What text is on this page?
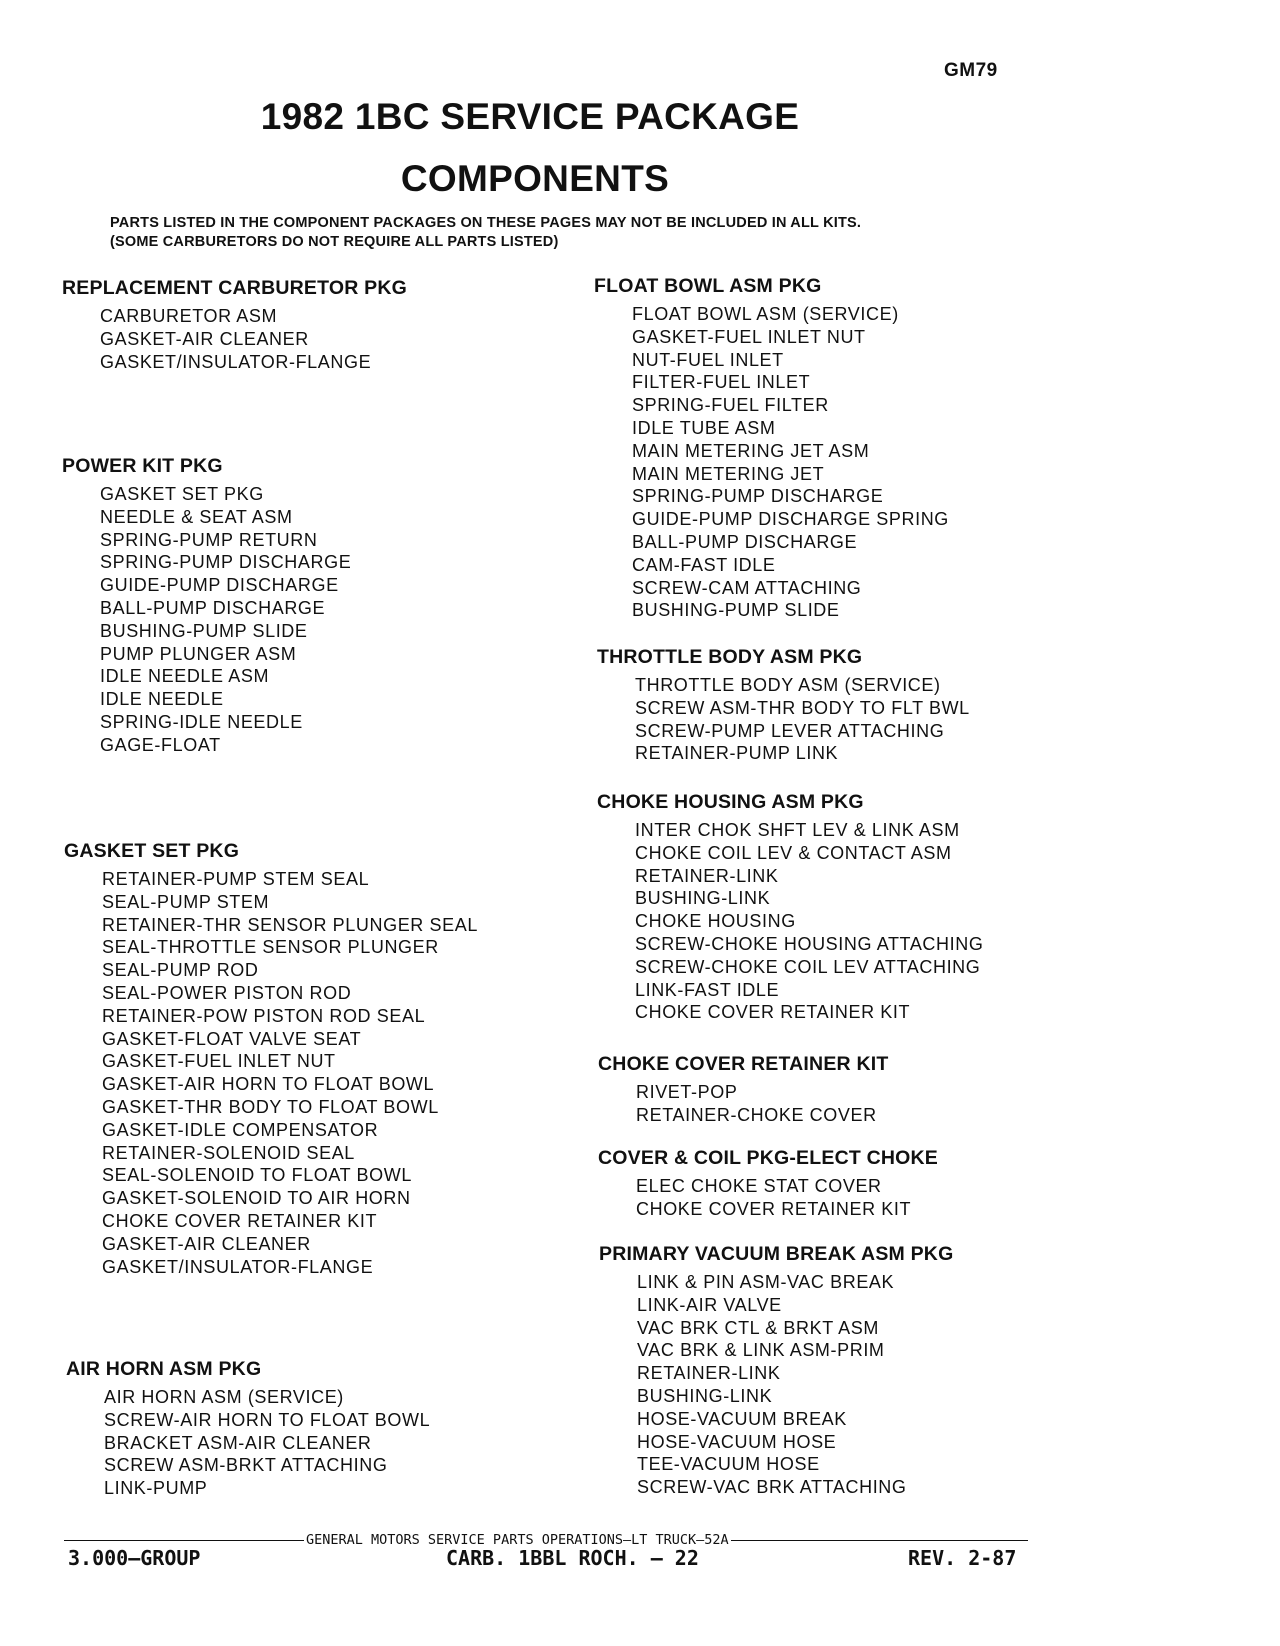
GM79
1982 1BC SERVICE PACKAGE
COMPONENTS
PARTS LISTED IN THE COMPONENT PACKAGES ON THESE PAGES MAY NOT BE INCLUDED IN ALL KITS.
(SOME CARBURETORS DO NOT REQUIRE ALL PARTS LISTED)
REPLACEMENT CARBURETOR PKG
CARBURETOR ASM
GASKET-AIR CLEANER
GASKET/INSULATOR-FLANGE
POWER KIT PKG
GASKET SET PKG
NEEDLE & SEAT ASM
SPRING-PUMP RETURN
SPRING-PUMP DISCHARGE
GUIDE-PUMP DISCHARGE
BALL-PUMP DISCHARGE
BUSHING-PUMP SLIDE
PUMP PLUNGER ASM
IDLE NEEDLE ASM
IDLE NEEDLE
SPRING-IDLE NEEDLE
GAGE-FLOAT
GASKET SET PKG
RETAINER-PUMP STEM SEAL
SEAL-PUMP STEM
RETAINER-THR SENSOR PLUNGER SEAL
SEAL-THROTTLE SENSOR PLUNGER
SEAL-PUMP ROD
SEAL-POWER PISTON ROD
RETAINER-POW PISTON ROD SEAL
GASKET-FLOAT VALVE SEAT
GASKET-FUEL INLET NUT
GASKET-AIR HORN TO FLOAT BOWL
GASKET-THR BODY TO FLOAT BOWL
GASKET-IDLE COMPENSATOR
RETAINER-SOLENOID SEAL
SEAL-SOLENOID TO FLOAT BOWL
GASKET-SOLENOID TO AIR HORN
CHOKE COVER RETAINER KIT
GASKET-AIR CLEANER
GASKET/INSULATOR-FLANGE
AIR HORN ASM PKG
AIR HORN ASM (SERVICE)
SCREW-AIR HORN TO FLOAT BOWL
BRACKET ASM-AIR CLEANER
SCREW ASM-BRKT ATTACHING
LINK-PUMP
FLOAT BOWL ASM PKG
FLOAT BOWL ASM (SERVICE)
GASKET-FUEL INLET NUT
NUT-FUEL INLET
FILTER-FUEL INLET
SPRING-FUEL FILTER
IDLE TUBE ASM
MAIN METERING JET ASM
MAIN METERING JET
SPRING-PUMP DISCHARGE
GUIDE-PUMP DISCHARGE SPRING
BALL-PUMP DISCHARGE
CAM-FAST IDLE
SCREW-CAM ATTACHING
BUSHING-PUMP SLIDE
THROTTLE BODY ASM PKG
THROTTLE BODY ASM (SERVICE)
SCREW ASM-THR BODY TO FLT BWL
SCREW-PUMP LEVER ATTACHING
RETAINER-PUMP LINK
CHOKE HOUSING ASM PKG
INTER CHOK SHFT LEV & LINK ASM
CHOKE COIL LEV & CONTACT ASM
RETAINER-LINK
BUSHING-LINK
CHOKE HOUSING
SCREW-CHOKE HOUSING ATTACHING
SCREW-CHOKE COIL LEV ATTACHING
LINK-FAST IDLE
CHOKE COVER RETAINER KIT
CHOKE COVER RETAINER KIT
RIVET-POP
RETAINER-CHOKE COVER
COVER & COIL PKG-ELECT CHOKE
ELEC CHOKE STAT COVER
CHOKE COVER RETAINER KIT
PRIMARY VACUUM BREAK ASM PKG
LINK & PIN ASM-VAC BREAK
LINK-AIR VALVE
VAC BRK CTL & BRKT ASM
VAC BRK & LINK ASM-PRIM
RETAINER-LINK
BUSHING-LINK
HOSE-VACUUM BREAK
HOSE-VACUUM HOSE
TEE-VACUUM HOSE
SCREW-VAC BRK ATTACHING
GENERAL MOTORS SERVICE PARTS OPERATIONS—LT TRUCK—52A
3.000—GROUP	CARB. 1BBL ROCH. — 22	REV. 2-87
